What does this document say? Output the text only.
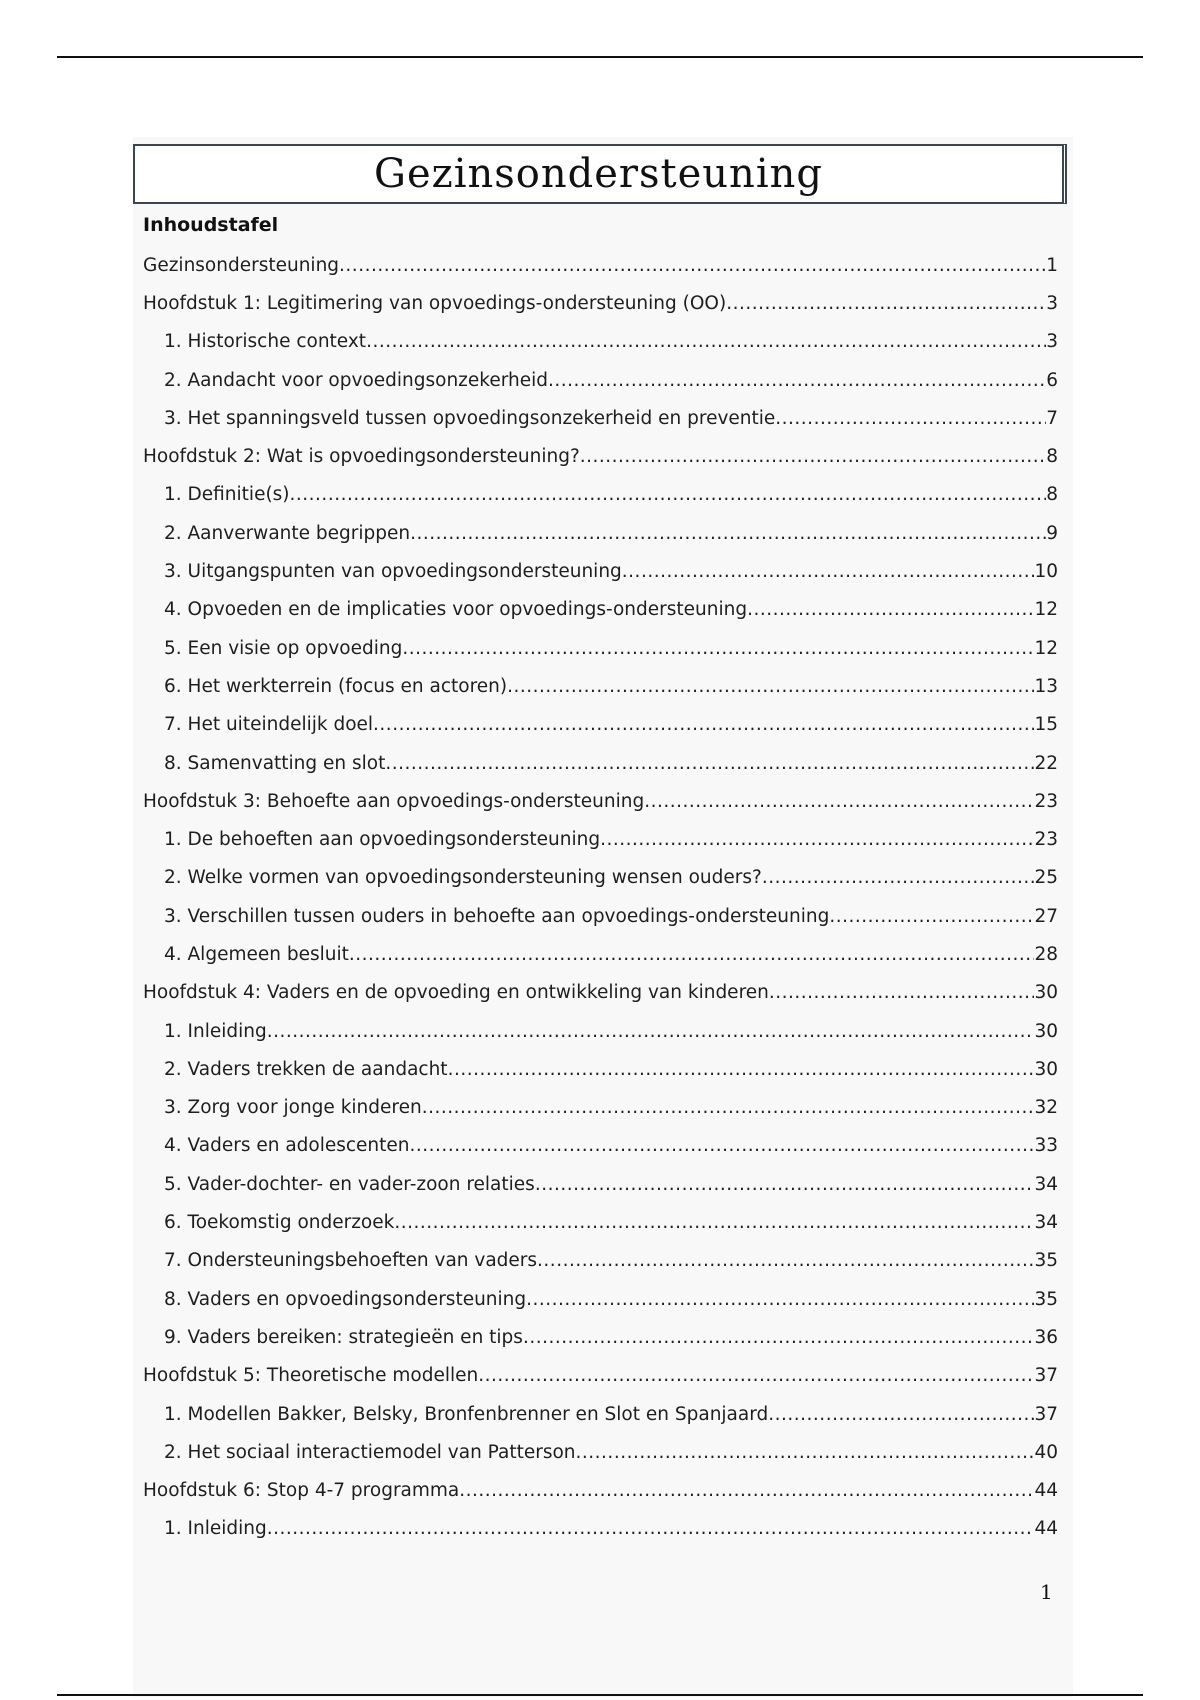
Gezinsondersteuning
Inhoudstafel
Gezinsondersteuning .....	1
Hoofdstuk 1: Legitimering van opvoedings-ondersteuning (OO) .....	3
1. Historische context .....	3
2. Aandacht voor opvoedingsonzekerheid .....	6
3. Het spanningsveld tussen opvoedingsonzekerheid en preventie .....	7
Hoofdstuk 2: Wat is opvoedingsondersteuning? .....	8
1. Definitie(s) .....	8
2. Aanverwante begrippen .....	9
3. Uitgangspunten van opvoedingsondersteuning .....	10
4. Opvoeden en de implicaties voor opvoedings-ondersteuning .....	12
5. Een visie op opvoeding .....	12
6. Het werkterrein (focus en actoren) .....	13
7. Het uiteindelijk doel .....	15
8. Samenvatting en slot .....	22
Hoofdstuk 3: Behoefte aan opvoedings-ondersteuning .....	23
1. De behoeften aan opvoedingsondersteuning .....	23
2. Welke vormen van opvoedingsondersteuning wensen ouders? .....	25
3. Verschillen tussen ouders in behoefte aan opvoedings-ondersteuning .....	27
4. Algemeen besluit .....	28
Hoofdstuk 4: Vaders en de opvoeding en ontwikkeling van kinderen .....	30
1. Inleiding .....	30
2. Vaders trekken de aandacht .....	30
3. Zorg voor jonge kinderen .....	32
4. Vaders en adolescenten .....	33
5. Vader-dochter- en vader-zoon relaties .....	34
6. Toekomstig onderzoek .....	34
7. Ondersteuningsbehoeften van vaders .....	35
8. Vaders en opvoedingsondersteuning .....	35
9. Vaders bereiken: strategieën en tips .....	36
Hoofdstuk 5: Theoretische modellen .....	37
1. Modellen Bakker, Belsky, Bronfenbrenner en Slot en Spanjaard .....	37
2. Het sociaal interactiemodel van Patterson .....	40
Hoofdstuk 6: Stop 4-7 programma .....	44
1. Inleiding .....	44
1
